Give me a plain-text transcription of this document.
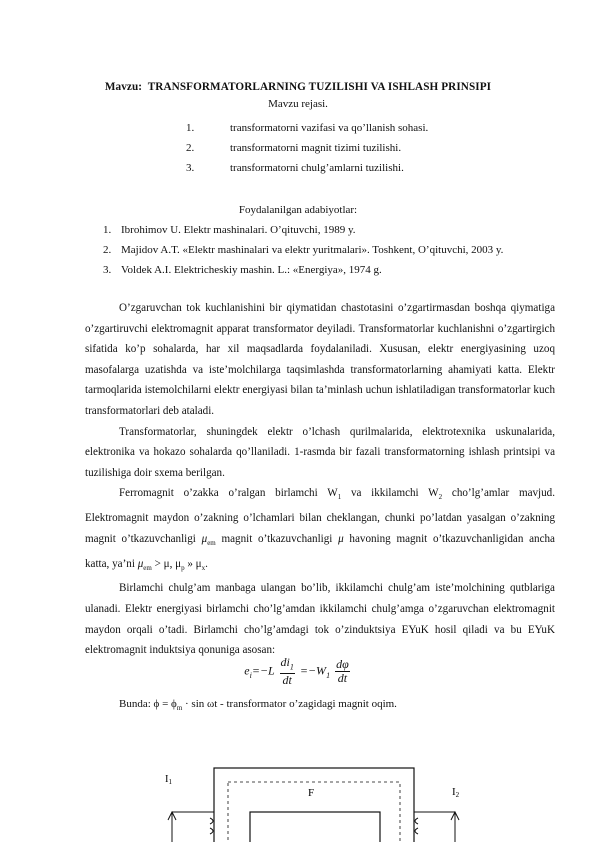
Mavzu: TRANSFORMATORLARNING TUZILISHI VA ISHLASH PRINSIPI
Mavzu rejasi.
1.	transformatorni vazifasi va qo’llanish sohasi.
2.	transformatorni magnit tizimi tuzilishi.
3.	transformatorni chulg’amlarni tuzilishi.
Foydalanilgan adabiyotlar:
1. Ibrohimov U. Elektr mashinalari. O’qituvchi, 1989 y.
2. Majidov A.T. «Elektr mashinalari va elektr yuritmalari». Toshkent, O’qituvchi, 2003 y.
3. Voldek A.I. Elektricheskiy mashin. L.: «Energiya», 1974 g.

O’zgaruvchan tok kuchlanishini bir qiymatidan chastotasini o’zgartirmasdan boshqa qiymatiga o’zgartiruvchi elektromagnit apparat transformator deyiladi. Transformatorlar kuchlanishni o’zgartirgich sifatida ko’p sohalarda, har xil maqsadlarda foydalaniladi. Xususan, elektr energiyasining uzoq masofalarga uzatishda va iste’molchilarga taqsimlashda transformatorlarning ahamiyati katta. Elektr tarmoqlarida istemolchilarni elektr energiyasi bilan ta’minlash uchun ishlatiladigan transformatorlar kuch transformatorlari deb ataladi.

Transformatorlar, shuningdek elektr o’lchash qurilmalarida, elektrotexnika uskunalarida, elektronika va hokazo sohalarda qo’llaniladi. 1-rasmda bir fazali transformatorning ishlash printsipi va tuzilishiga doir sxema berilgan.

Ferromagnit o’zakka o’ralgan birlamchi $W_1$ va ikkilamchi $W_2$ cho’lg’amlar mavjud. Elektromagnit maydon o’zakning o’lchamlari bilan cheklangan, chunki po’latdan yasalgan o’zakning magnit o’tkazuvchanligi $\mu_{em}$ magnit o’tkazuvchanligi μ havoning magnit o’tkazuvchanligidan ancha katta, ya’ni $\mu_{em} > \mu$, $\mu_p$ » $\mu_x$.

Birlamchi chulg’am manbaga ulangan bo’lib, ikkilamchi chulg’am iste’molchining qutblariga ulanadi. Elektr energiyasi birlamchi cho’lg’amdan ikkilamchi chulg’amga o’zgaruvchan elektromagnit maydon orqali o’tadi. Birlamchi cho’lg’amdagi tok o’zinduktsiya EYuK hosil qiladi va bu EYuK elektromagnit induktsiya qonuniga asosan:

$e_i=-L \frac{di_1}{dt} =-W_1 \frac{d\varphi}{dt}$
Bunda: $\phi = \phi_m \cdot \sin \omega t$ - transformator o’zagidagi magnit oqim.
I1
F	I2
